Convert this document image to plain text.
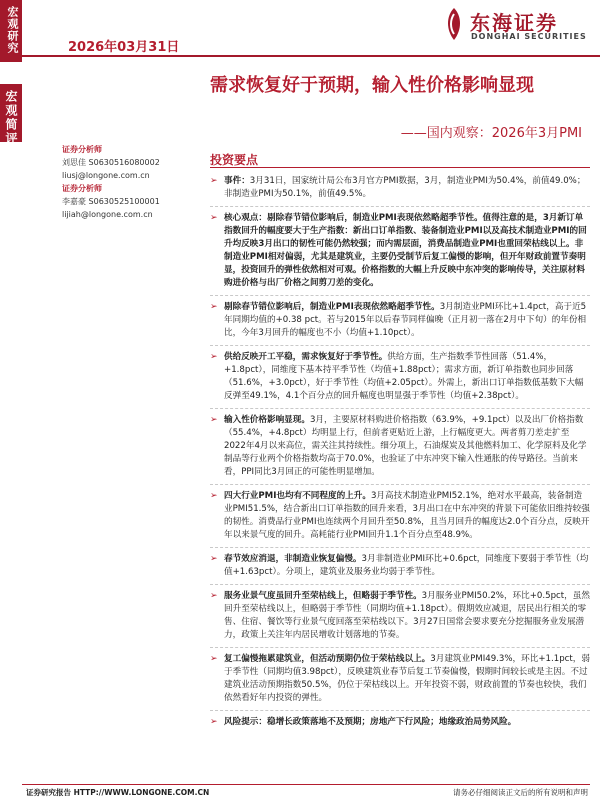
宏观研究	2026年03月31日
东海证券
DONGHAI SECURITIES
宏观简评
需求恢复好于预期，输入性价格影响显现
——国内观察：2026年3月PMI
证券分析师
刘思佳 S0630516080002
liusj@longone.com.cn
证券分析师
李嘉豪 S0630525100001
lijiah@longone.com.cn
投资要点
➢ 事件：3月31日，国家统计局公布3月官方PMI数据，3月，制造业PMI为50.4%，前值49.0%；非制造业PMI为50.1%，前值49.5%。
➢ 核心观点：剔除春节错位影响后，制造业PMI表现依然略超季节性。值得注意的是，3月新订单指数回升的幅度要大于生产指数：新出口订单指数、装备制造业PMI以及高技术制造业PMI的回升均反映3月出口的韧性可能仍然较强；而内需层面，消费品制造业PMI也重回荣枯线以上。非制造业PMI相对偏弱，尤其是建筑业，主要仍受制节后复工偏慢的影响，但开年财政前置节奏明显，投资回升的弹性依然相对可观。价格指数的大幅上升反映中东冲突的影响传导，关注原材料购进价格与出厂价格之间剪刀差的变化。
➢ 剔除春节错位影响后，制造业PMI表现依然略超季节性。3月制造业PMI环比+1.4pct，高于近5年同期均值的+0.38 pct。若与2015年以后春节同样偏晚（正月初一落在2月中下旬）的年份相比，今年3月回升的幅度也不小（均值+1.10pct）。
➢ 供给反映开工平稳，需求恢复好于季节性。供给方面，生产指数季节性回落（51.4%，+1.8pct），同维度下基本持平季节性（均值+1.88pct）；需求方面，新订单指数也同步回落（51.6%，+3.0pct），好于季节性（均值+2.05pct）。外需上，新出口订单指数低基数下大幅反弹至49.1%，4.1个百分点的回升幅度也明显强于季节性（均值+2.38pct）。
➢ 输入性价格影响显现。3月，主要原材料购进价格指数（63.9%，+9.1pct）以及出厂价格指数（55.4%，+4.8pct）均明显上行，但前者更贴近上游，上行幅度更大。两者剪刀差走扩至2022年4月以来高位，需关注其持续性。细分项上，石油煤炭及其他燃料加工、化学原料及化学制品等行业两个价格指数均高于70.0%，也验证了中东冲突下输入性通胀的传导路径。当前来看，PPI同比3月回正的可能性明显增加。
➢ 四大行业PMI也均有不同程度的上升。3月高技术制造业PMI52.1%，绝对水平最高，装备制造业PMI51.5%，结合新出口订单指数的回升来看，3月出口在中东冲突的背景下可能依旧维持较强的韧性。消费品行业PMI也连续两个月回升至50.8%，且当月回升的幅度达2.0个百分点，反映开年以来景气度的回升。高耗能行业PMI回升1.1个百分点至48.9%。
➢ 春节效应消退，非制造业恢复偏慢。3月非制造业PMI环比+0.6pct，同维度下要弱于季节性（均值+1.63pct）。分项上，建筑业及服务业均弱于季节性。
➢ 服务业景气度虽回升至荣枯线上，但略弱于季节性。3月服务业PMI50.2%，环比+0.5pct，虽然回升至荣枯线以上，但略弱于季节性（同期均值+1.18pct）。假期效应减退，居民出行相关的零售、住宿、餐饮等行业景气度回落至荣枯线以下。3月27日国常会要求要充分挖掘服务业发展潜力，政策上关注年内居民增收计划落地的节奏。
➢ 复工偏慢拖累建筑业，但活动预期仍位于荣枯线以上。3月建筑业PMI49.3%，环比+1.1pct，弱于季节性（同期均值3.98pct），反映建筑业春节后复工节奏偏慢，假期时间较长或是主因。不过建筑业活动预期指数50.5%，仍位于荣枯线以上。开年投资不弱，财政前置的节奏也较快，我们依然看好年内投资的弹性。
➢ 风险提示：稳增长政策落地不及预期；房地产下行风险；地缘政治局势风险。
证券研究报告 HTTP://WWW.LONGONE.COM.CN	请务必仔细阅读正文后的所有说明和声明
